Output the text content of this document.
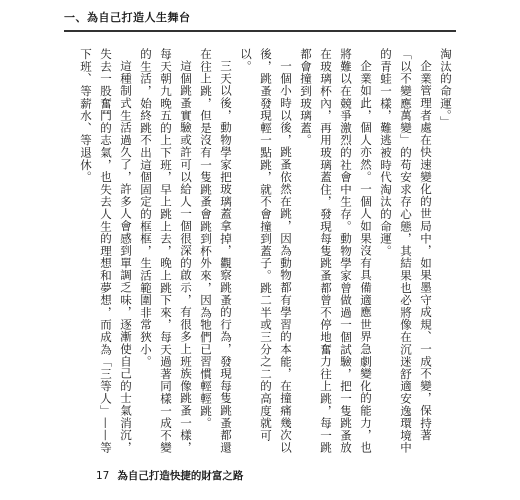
一、為自己打造人生舞台

淘汰的命運。」

企業管理者處在快速變化的世局中，如果墨守成規、一成不變，保持著「以不變應萬變」的苟安求存心態，其結果也必將像在沉迷舒適安逸環境中的青蛙一樣，難逃被時代淘汰的命運。

企業如此，個人亦然。一個人如果沒有具備適應世界急劇變化的能力，也將難以在競爭激烈的社會中生存。動物學家曾做過一個試驗，把一隻跳蚤放在玻璃杯內，再用玻璃蓋住，發現每隻跳蚤都曾不停地奮力往上跳，每一跳都會撞到玻璃蓋。

一個小時以後，跳蚤依然在跳，因為動物都有學習的本能，在撞痛幾次以後，跳蚤發現輕一點跳，就不會撞到蓋子。跳二半或三分之二的高度就可以。

三天以後，動物學家把玻璃蓋拿掉，觀察跳蚤的行為，發現每隻跳蚤都還在往上跳，但是沒有一隻跳蚤會跳到杯外來，因為牠們已習慣輕輕跳。

這個跳蚤實驗或許可以給人一個很深的啟示，有很多上班族像跳蚤一樣，每天朝九晚五的上下班，早上跳上去，晚上跳下來，每天過著同樣一成不變的生活，始終跳不出這個固定的框框，生活範圍非常狹小。

這種制式生活過久了，許多人會感到單調乏味，逐漸使自己的士氣消沉，失去一股奮鬥的志氣，也失去人生的理想和夢想，而成為「三等人」——等下班、等薪水、等退休。

17 為自己打造快捷的財富之路
